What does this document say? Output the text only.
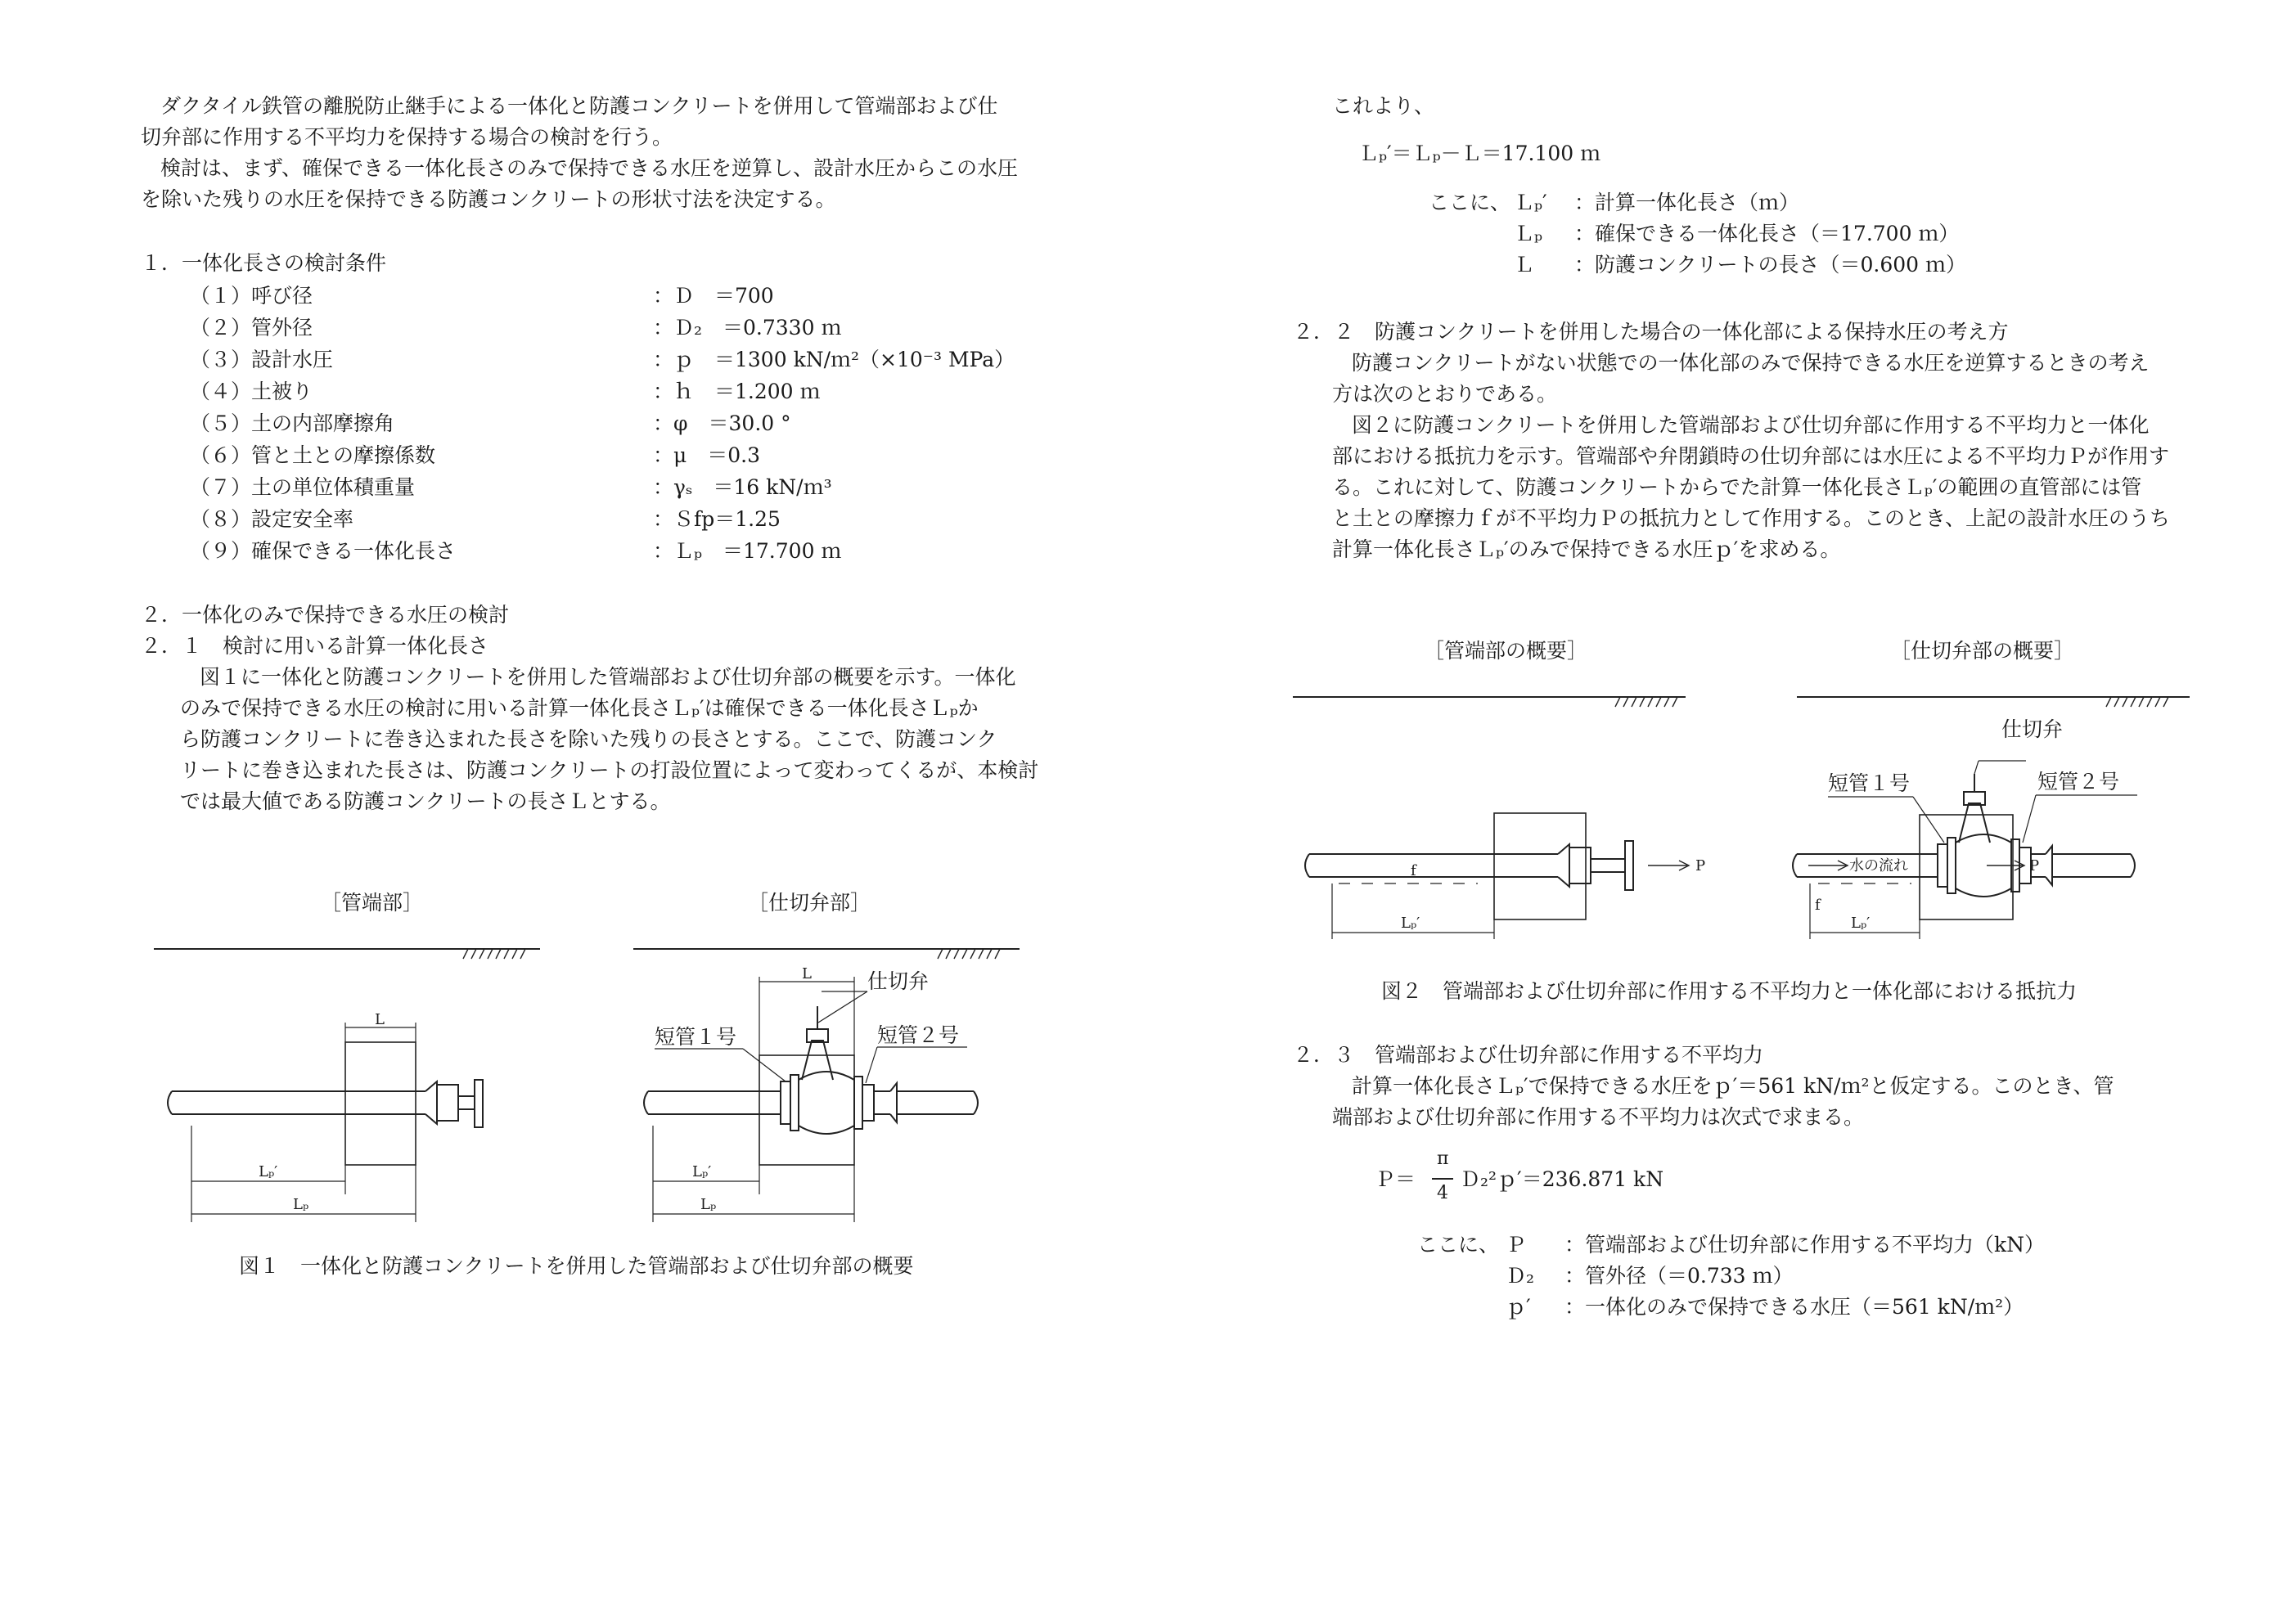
ダクタイル鉄管の離脱防止継手による一体化と防護コンクリートを併用して管端部および仕
切弁部に作用する不平均力を保持する場合の検討を行う。
検討は、まず、確保できる一体化長さのみで保持できる水圧を逆算し、設計水圧からこの水圧
を除いた残りの水圧を保持できる防護コンクリートの形状寸法を決定する。
１．一体化長さの検討条件
（１）呼び径	：Ｄ　＝700
（２）管外径	：Ｄ₂　＝0.7330 ｍ
（３）設計水圧	：ｐ　＝1300 kN/ｍ²（×10⁻³ MPa）
（４）土被り	：ｈ　＝1.200 ｍ
（５）土の内部摩擦角	：φ　＝30.0 °
（６）管と土との摩擦係数	：μ　＝0.3
（７）土の単位体積重量	：γₛ　＝16 kN/ｍ³
（８）設定安全率	：Ｓfp＝1.25
（９）確保できる一体化長さ	：Ｌₚ　＝17.700 ｍ
２．一体化のみで保持できる水圧の検討
２．１　検討に用いる計算一体化長さ
図１に一体化と防護コンクリートを併用した管端部および仕切弁部の概要を示す。一体化
のみで保持できる水圧の検討に用いる計算一体化長さＬₚ′は確保できる一体化長さＬₚか
ら防護コンクリートに巻き込まれた長さを除いた残りの長さとする。ここで、防護コンク
リートに巻き込まれた長さは、防護コンクリートの打設位置によって変わってくるが、本検討
では最大値である防護コンクリートの長さＬとする。
［管端部］	［仕切弁部］
L
Lₚ′
Lₚ
L
Lₚ′
Lₚ
仕切弁
短管１号	短管２号
図１　一体化と防護コンクリートを併用した管端部および仕切弁部の概要
これより、
Ｌₚ′＝Ｌₚ－Ｌ＝17.100 ｍ
ここに、 Ｌₚ′ ：計算一体化長さ（ｍ）
Ｌₚ ：確保できる一体化長さ（＝17.700 ｍ）
Ｌ ：防護コンクリートの長さ（＝0.600 ｍ）
２．２　防護コンクリートを併用した場合の一体化部による保持水圧の考え方
防護コンクリートがない状態での一体化部のみで保持できる水圧を逆算するときの考え
方は次のとおりである。
図２に防護コンクリートを併用した管端部および仕切弁部に作用する不平均力と一体化
部における抵抗力を示す。管端部や弁閉鎖時の仕切弁部には水圧による不平均力Ｐが作用す
る。これに対して、防護コンクリートからでた計算一体化長さＬₚ′の範囲の直管部には管
と土との摩擦力ｆが不平均力Ｐの抵抗力として作用する。このとき、上記の設計水圧のうち
計算一体化長さＬₚ′のみで保持できる水圧ｐ′を求める。
［管端部の概要］	［仕切弁部の概要］
f	P
Lₚ′
f
P
Lₚ′
水の流れ
仕切弁
短管１号	短管２号
図２　管端部および仕切弁部に作用する不平均力と一体化部における抵抗力
２．３　管端部および仕切弁部に作用する不平均力
計算一体化長さＬₚ′で保持できる水圧をｐ′＝561 kN/ｍ²と仮定する。このとき、管
端部および仕切弁部に作用する不平均力は次式で求まる。
Ｐ＝
π
4
Ｄ₂²ｐ′＝236.871 kN
ここに、 Ｐ ：管端部および仕切弁部に作用する不平均力（kN）
Ｄ₂ ：管外径（＝0.733 ｍ）
ｐ′ ：一体化のみで保持できる水圧（＝561 kN/ｍ²）
